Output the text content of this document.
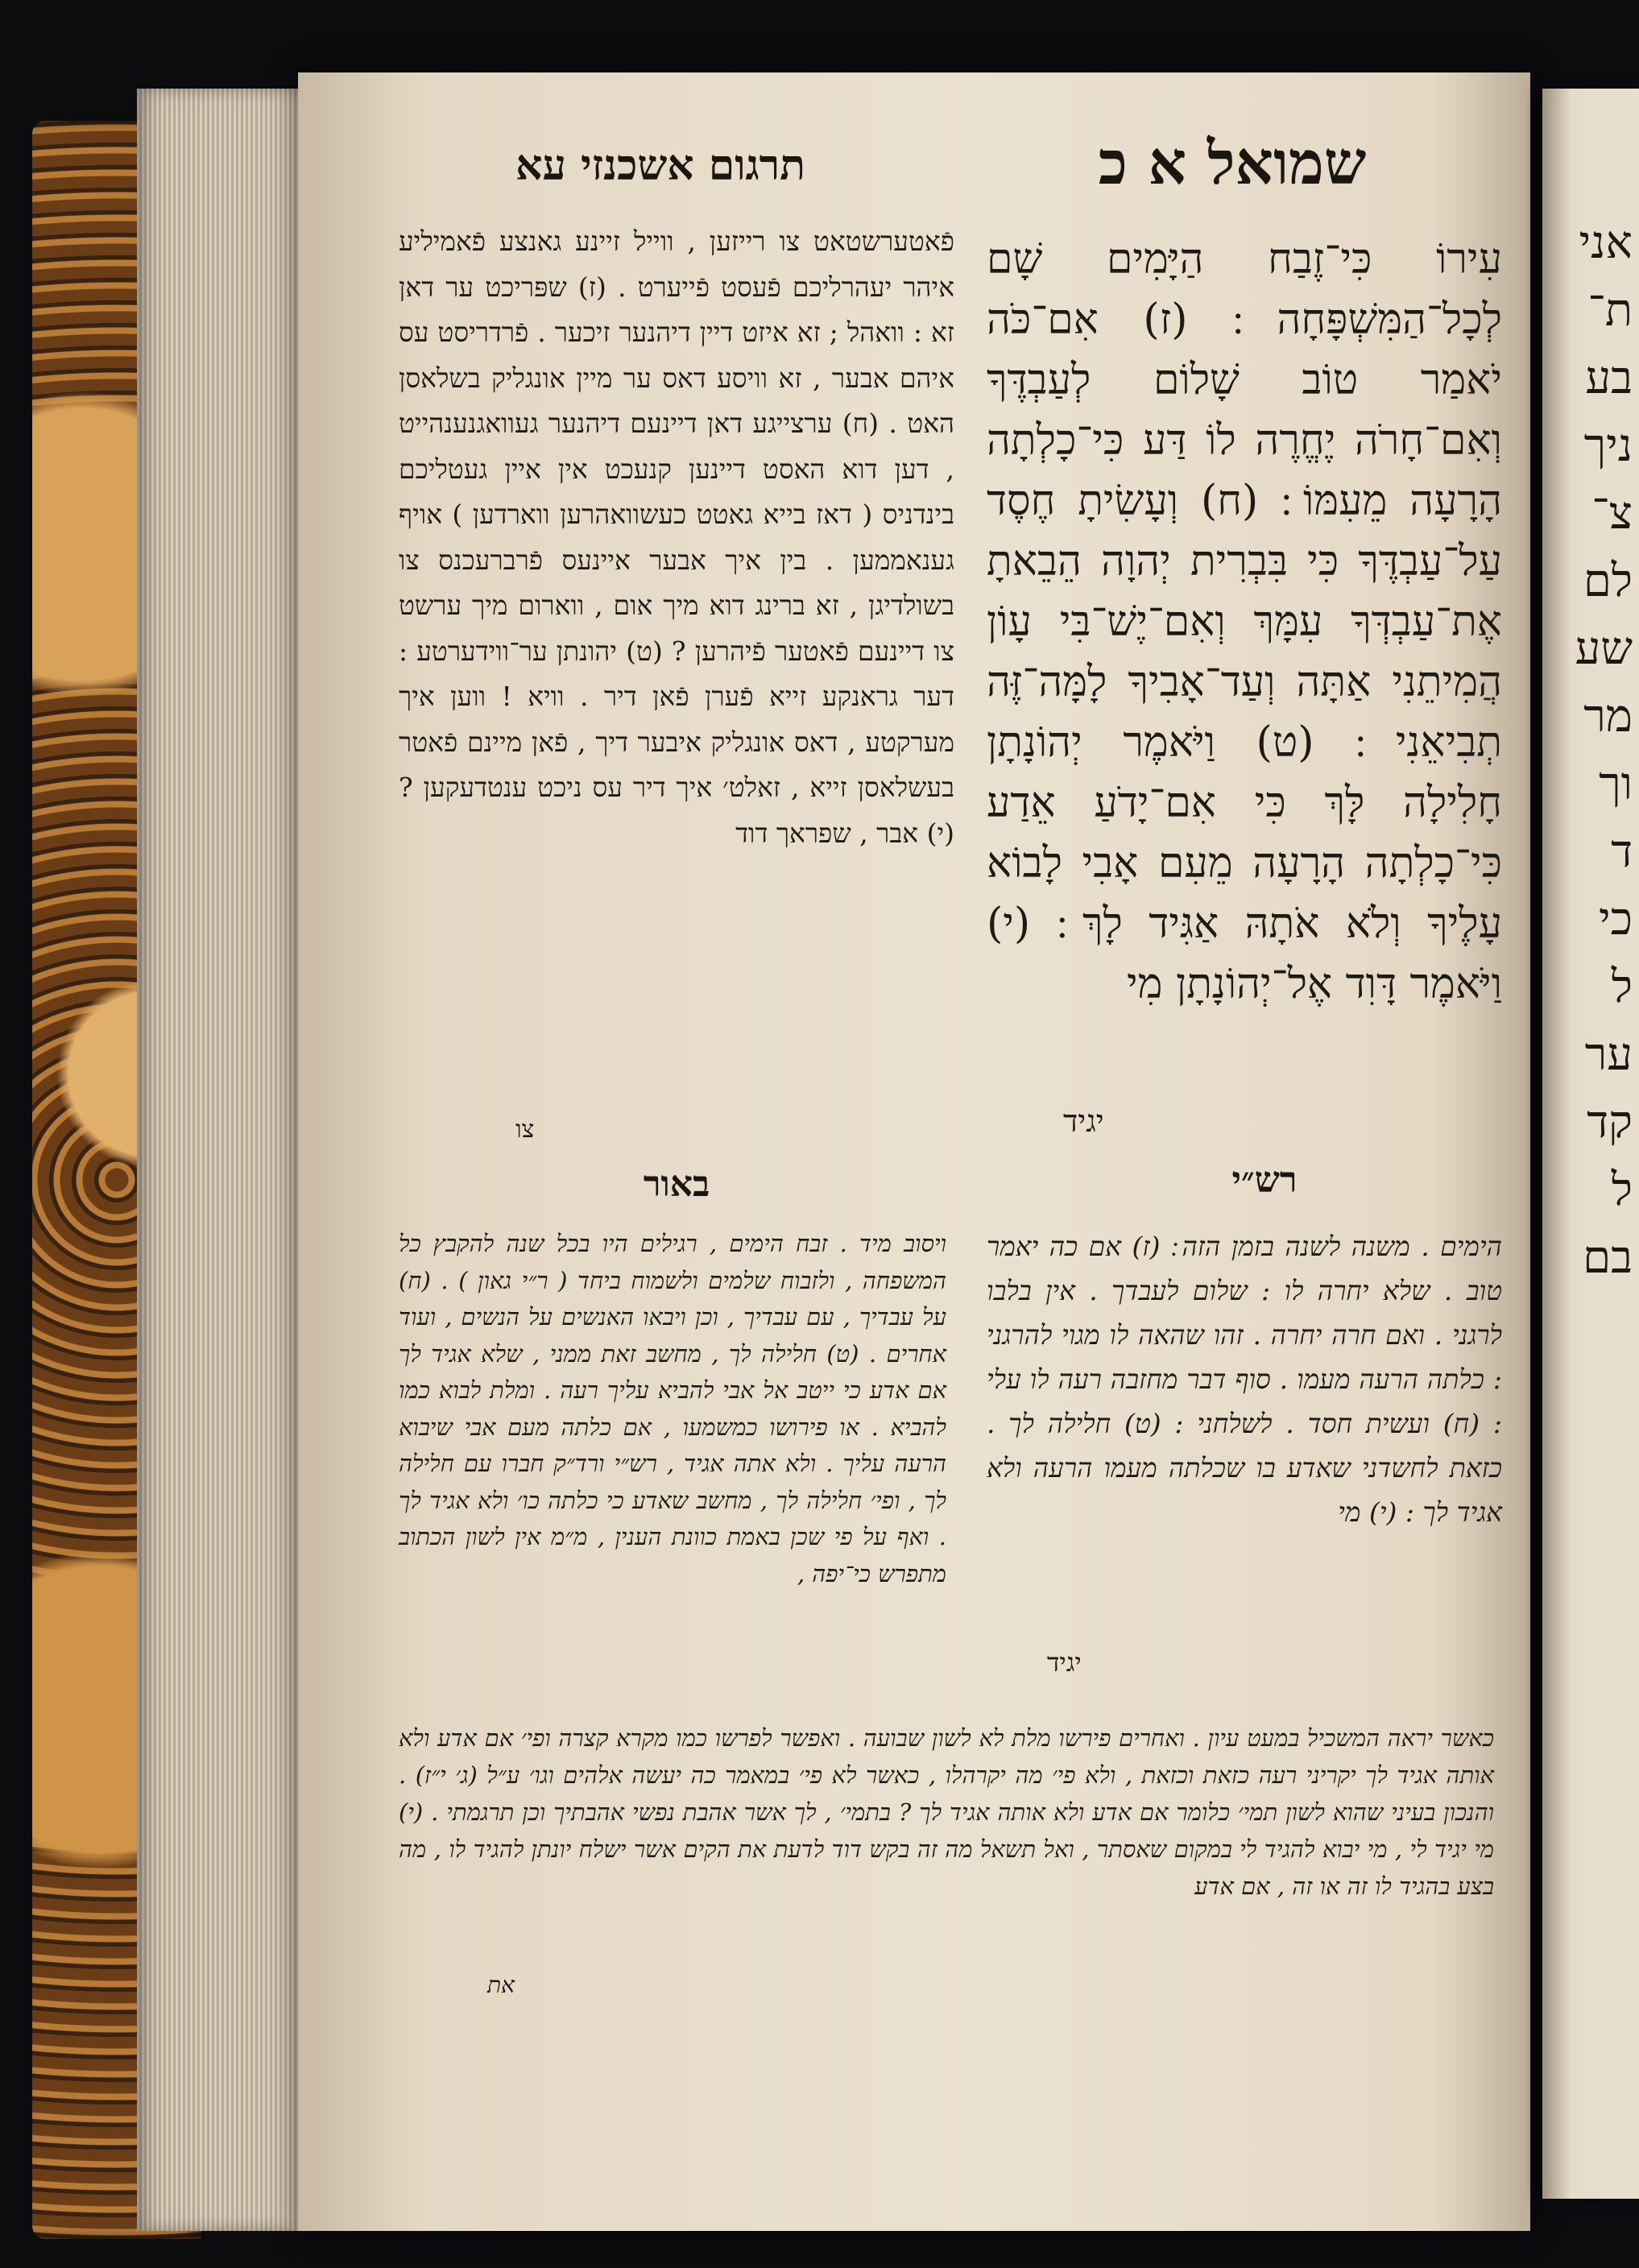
אני
ת־
בע
ניך
צ־
לם
שע
מר
וך
ד
כי
ל
ער
קד
ל
בם

תרגום אשכנזי עא	שמואל א כ
פֿאטערשטאט צו רייזען , ווייל זיינע גאנצע פֿאמיליע איהר יעהרליכם פֿעסט פֿייערט . (ז) שפּריכט ער דאן זא : וואהל ; זא איזט דיין דיהנער זיכער . פֿרדריסט עס איהם אבער , זא וויסע דאס ער מיין אונגליק בשלאסן האט . (ח) ערצייגע דאן דיינעם דיהנער געוואגנענהייט , דען דוא האסט דיינען קנעכט אין איין געטליכם בינדניס ( דאז בייא גאטט כעשוואהרען ווארדען ) אויף גענאממען . בין איך אבער איינעס פֿרברעכנס צו בשולדיגן , זא ברינג דוא מיך אום , ווארום מיך ערשט צו דיינעם פֿאטער פֿיהרען ? (ט) יהונתן ער־ווידערטע : דער גראנקע זייא פֿערן פֿאן דיר . וויא ! ווען איך מערקטע , דאס אונגליק איבער דיך , פֿאן מיינם פֿאטר בעשלאסן זייא , זאלט׳ איך דיר עס ניכט ענטדעקען ? (י) אבר , שפראך דוד
צו
עִירוֹ כִּי־זֶבַח הַיָּמִים שָׁם לְכָל־הַמִּשְׁפָּחָה ׃ (ז) אִם־כֹּה יֹאמַר טוֹב שָׁלוֹם לְעַבְדֶּךָ וְאִם־חָרֹה יֶחֱרֶה לוֹ דַּע כִּי־כָלְתָה הָרָעָה מֵעִמּוֹ ׃ (ח) וְעָשִׂיתָ חֶסֶד עַל־עַבְדֶּךָ כִּי בִּבְרִית יְהוָה הֵבֵאתָ אֶת־עַבְדְּךָ עִמָּךְ וְאִם־יֶשׁ־בִּי עָוֹן הֲמִיתֵנִי אַתָּה וְעַד־אָבִיךָ לָמָּה־זֶּה תְבִיאֵנִי ׃ (ט) וַיֹּאמֶר יְהוֹנָתָן חָלִילָה לָּךְ כִּי אִם־יָדֹעַ אֵדַע כִּי־כָלְתָה הָרָעָה מֵעִם אָבִי לָבוֹא עָלֶיךָ וְלֹא אֹתָהּ אַגִּיד לָךְ ׃ (י) וַיֹּאמֶר דָּוִד אֶל־יְהוֹנָתָן מִי
יגיד
באור	רש״י
ויסוב מיד . זבח הימים , רגילים היו בכל שנה להקבץ כל המשפחה , ולזבוח שלמים ולשמוח ביחד ( ר״י גאון ) . (ח) על עבדיך , עם עבדיך , וכן ויבאו האנשים על הנשים , ועוד אחרים . (ט) חלילה לך , מחשב זאת ממני , שלא אגיד לך אם אדע כי ייטב אל אבי להביא עליך רעה . ומלת לבוא כמו להביא . או פירושו כמשמעו , אם כלתה מעם אבי שיבוא הרעה עליך . ולא אתה אגיד , רש״י ורד״ק חברו עם חלילה לך , ופי׳ חלילה לך , מחשב שאדע כי כלתה כו׳ ולא אגיד לך . ואף על פי שכן באמת כוונת הענין , מ״מ אין לשון הכתוב מתפרש כי־יפה ,
הימים . משנה לשנה בזמן הזה ׃ (ז) אם כה יאמר טוב . שלא יחרה לו : שלום לעבדך . אין בלבו לרגני . ואם חרה יחרה . זהו שהאה לו מגוי להרגני : כלתה הרעה מעמו . סוף דבר מחזבה רעה לו עלי : (ח) ועשית חסד . לשלחני : (ט) חלילה לך . כזאת לחשדני שאדע בו שכלתה מעמו הרעה ולא אגיד לך : (י) מי
יגיד
כאשר יראה המשכיל במעט עיון . ואחרים פירשו מלת לא לשון שבועה . ואפשר לפרשו כמו מקרא קצרה ופי׳ אם אדע ולא אותה אגיד לך יקריני רעה כזאת וכזאת , ולא פי׳ מה יקרהלו , כאשר לא פי׳ במאמר כה יעשה אלהים וגו׳ ע״ל (ג׳ י״ז) . והנכון בעיני שהוא לשון תמי׳ כלומר אם אדע ולא אותה אגיד לך ? בתמי׳ , לך אשר אהבת נפשי אהבתיך וכן תרגמתי . (י) מי יגיד לי , מי יבוא להגיד לי במקום שאסתר , ואל תשאל מה זה בקש דוד לדעת את הקים אשר ישלח יונתן להגיד לו , מה בצע בהגיד לו זה או זה , אם אדע
את
